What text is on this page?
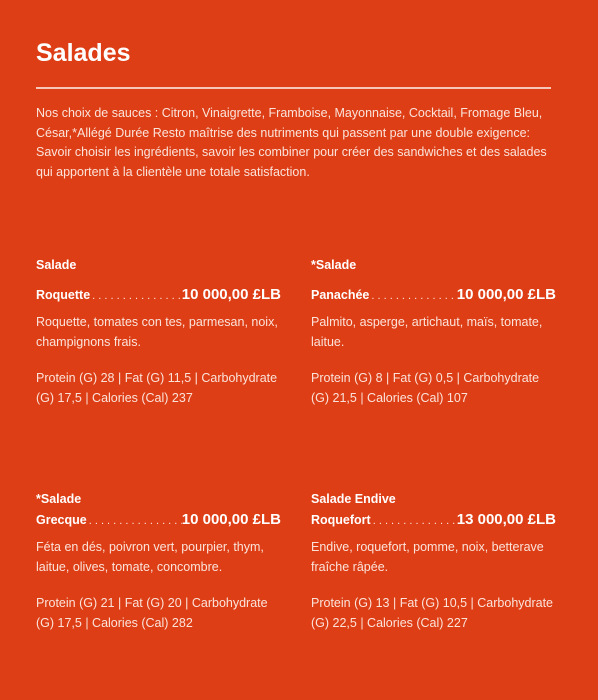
Salades

Nos choix de sauces : Citron, Vinaigrette, Framboise, Mayonnaise, Cocktail, Fromage Bleu, César,*Allégé Durée Resto maîtrise des nutriments qui passent par une double exigence: Savoir choisir les ingrédients, savoir les combiner pour créer des sandwiches et des salades qui apportent à la clientèle une totale satisfaction.

Salade
Roquette . . .	10 000,00 £LB
Roquette, tomates con tes, parmesan, noix, champignons frais.
Protein (G) 28 | Fat (G) 11,5 | Carbohydrate (G) 17,5 | Calories (Cal) 237
*Salade
Panachée . . .	10 000,00 £LB
Palmito, asperge, artichaut, maïs, tomate, laitue.
Protein (G) 8 | Fat (G) 0,5 | Carbohydrate (G) 21,5 | Calories (Cal) 107
*Salade
Grecque . . .	10 000,00 £LB
Féta en dés, poivron vert, pourpier, thym, laitue, olives, tomate, concombre.
Protein (G) 21 | Fat (G) 20 | Carbohydrate (G) 17,5 | Calories (Cal) 282
Salade Endive
Roquefort . . .	13 000,00 £LB
Endive, roquefort, pomme, noix, betterave fraîche râpée.
Protein (G) 13 | Fat (G) 10,5 | Carbohydrate (G) 22,5 | Calories (Cal) 227
